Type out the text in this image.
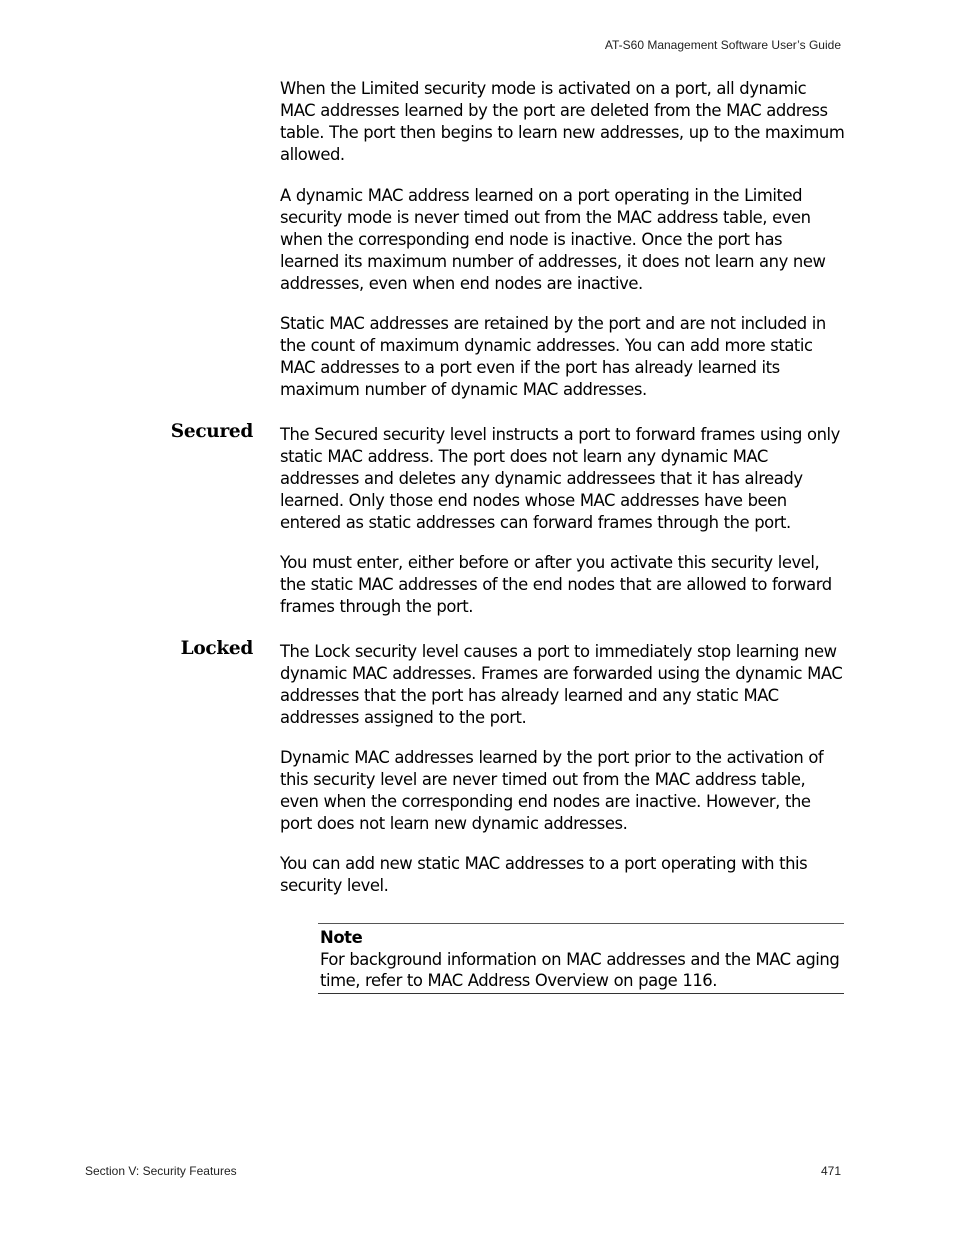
AT-S60 Management Software User’s Guide

When the Limited security mode is activated on a port, all dynamic MAC addresses learned by the port are deleted from the MAC address table. The port then begins to learn new addresses, up to the maximum allowed.

A dynamic MAC address learned on a port operating in the Limited security mode is never timed out from the MAC address table, even when the corresponding end node is inactive. Once the port has learned its maximum number of addresses, it does not learn any new addresses, even when end nodes are inactive.

Static MAC addresses are retained by the port and are not included in the count of maximum dynamic addresses. You can add more static MAC addresses to a port even if the port has already learned its maximum number of dynamic MAC addresses.

Secured The Secured security level instructs a port to forward frames using only static MAC address. The port does not learn any dynamic MAC addresses and deletes any dynamic addressees that it has already learned. Only those end nodes whose MAC addresses have been entered as static addresses can forward frames through the port.

You must enter, either before or after you activate this security level, the static MAC addresses of the end nodes that are allowed to forward frames through the port.

Locked The Lock security level causes a port to immediately stop learning new dynamic MAC addresses. Frames are forwarded using the dynamic MAC addresses that the port has already learned and any static MAC addresses assigned to the port.

Dynamic MAC addresses learned by the port prior to the activation of this security level are never timed out from the MAC address table, even when the corresponding end nodes are inactive. However, the port does not learn new dynamic addresses.

You can add new static MAC addresses to a port operating with this security level.

Note
For background information on MAC addresses and the MAC aging time, refer to MAC Address Overview on page 116.
Section V: Security Features	471
